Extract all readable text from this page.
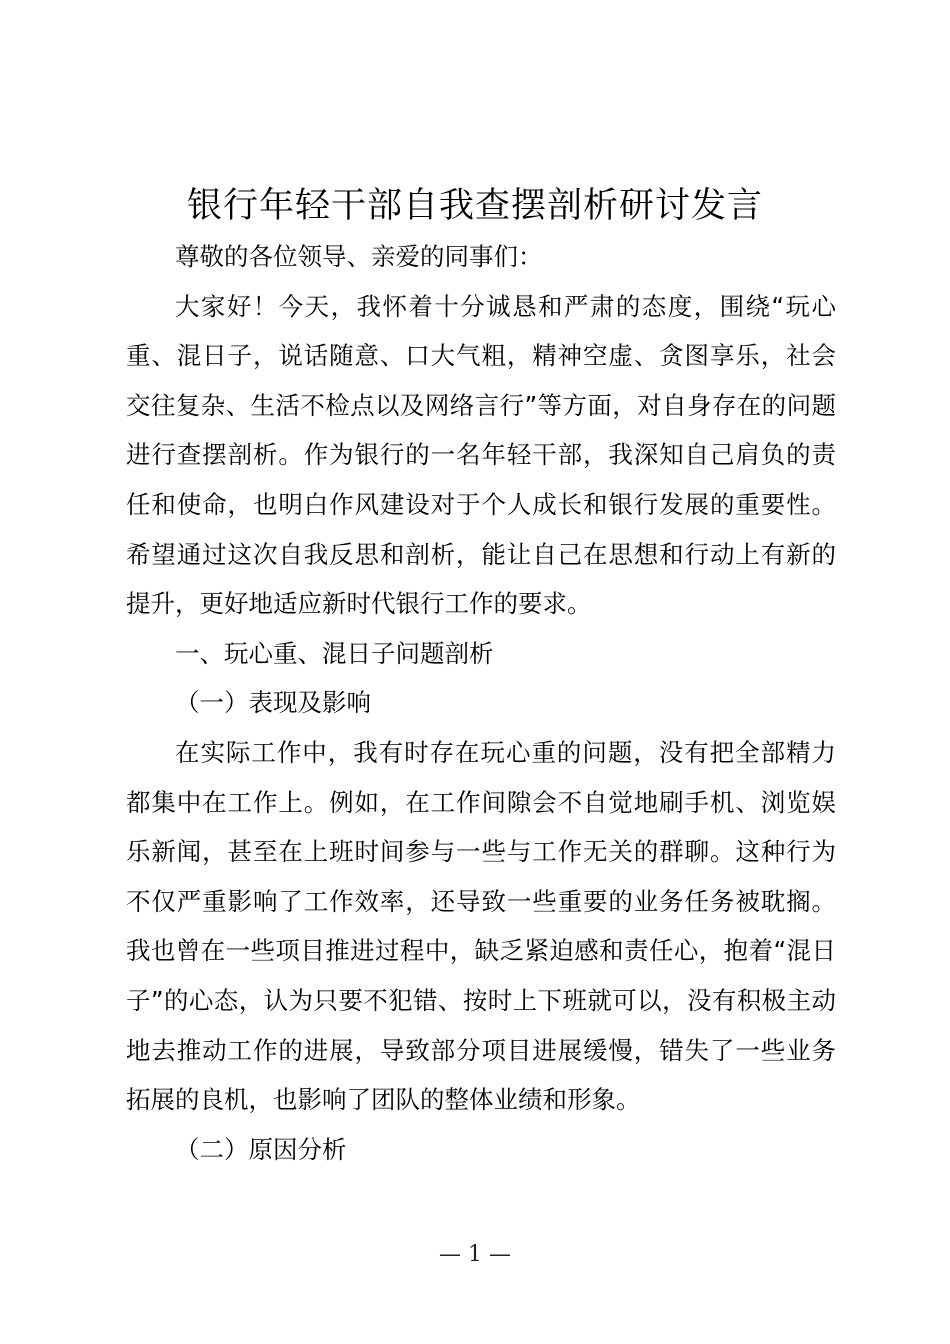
银行年轻干部自我查摆剖析研讨发言

尊敬的各位领导、亲爱的同事们：

大家好！今天，我怀着十分诚恳和严肃的态度，围绕“玩心重、混日子，说话随意、口大气粗，精神空虚、贪图享乐，社会交往复杂、生活不检点以及网络言行”等方面，对自身存在的问题进行查摆剖析。作为银行的一名年轻干部，我深知自己肩负的责任和使命，也明白作风建设对于个人成长和银行发展的重要性。希望通过这次自我反思和剖析，能让自己在思想和行动上有新的提升，更好地适应新时代银行工作的要求。

一、玩心重、混日子问题剖析

（一）表现及影响

在实际工作中，我有时存在玩心重的问题，没有把全部精力都集中在工作上。例如，在工作间隙会不自觉地刷手机、浏览娱乐新闻，甚至在上班时间参与一些与工作无关的群聊。这种行为不仅严重影响了工作效率，还导致一些重要的业务任务被耽搁。我也曾在一些项目推进过程中，缺乏紧迫感和责任心，抱着“混日子”的心态，认为只要不犯错、按时上下班就可以，没有积极主动地去推动工作的进展，导致部分项目进展缓慢，错失了一些业务拓展的良机，也影响了团队的整体业绩和形象。

（二）原因分析

— 1 —
